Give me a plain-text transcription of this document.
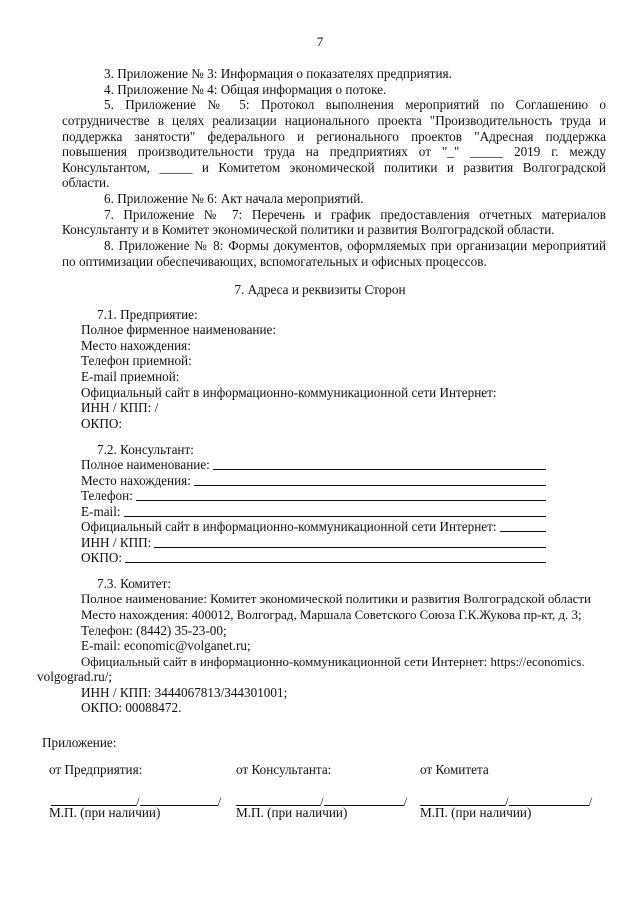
7
3. Приложение № 3: Информация о показателях предприятия.
4. Приложение № 4: Общая информация о потоке.
5. Приложение № 5: Протокол выполнения мероприятий по Соглашению о
сотрудничестве в целях реализации национального проекта "Производительность труда и
поддержка занятости" федерального и регионального проектов "Адресная поддержка
повышения производительности труда на предприятиях от "_" _____ 2019 г. между
Консультантом, _____ и Комитетом экономической политики и развития Волгоградской
области.
6. Приложение № 6: Акт начала мероприятий.
7. Приложение № 7: Перечень и график предоставления отчетных материалов
Консультанту и в Комитет экономической политики и развития Волгоградской области.
8. Приложение № 8: Формы документов, оформляемых при организации мероприятий
по оптимизации обеспечивающих, вспомогательных и офисных процессов.
7. Адреса и реквизиты Сторон
7.1. Предприятие:
Полное фирменное наименование:
Место нахождения:
Телефон приемной:
E-mail приемной:
Официальный сайт в информационно-коммуникационной сети Интернет:
ИНН / КПП: /
ОКПО:
7.2. Консультант:
Полное наименование:
Место нахождения:
Телефон:
E-mail:
Официальный сайт в информационно-коммуникационной сети Интернет:
ИНН / КПП:
ОКПО:
7.3. Комитет:
Полное наименование: Комитет экономической политики и развития Волгоградской области
Место нахождения: 400012, Волгоград, Маршала Советского Союза Г.К.Жукова пр-кт, д. 3;
Телефон: (8442) 35-23-00;
E-mail: economic@volganet.ru;
Официальный сайт в информационно-коммуникационной сети Интернет: https://economics.
volgograd.ru/;
ИНН / КПП: 3444067813/344301001;
ОКПО: 00088472.
Приложение:
от Предприятия:	от Консультанта:	от Комитета
/	/	/	/	/	/
М.П. (при наличии)	М.П. (при наличии)	М.П. (при наличии)
